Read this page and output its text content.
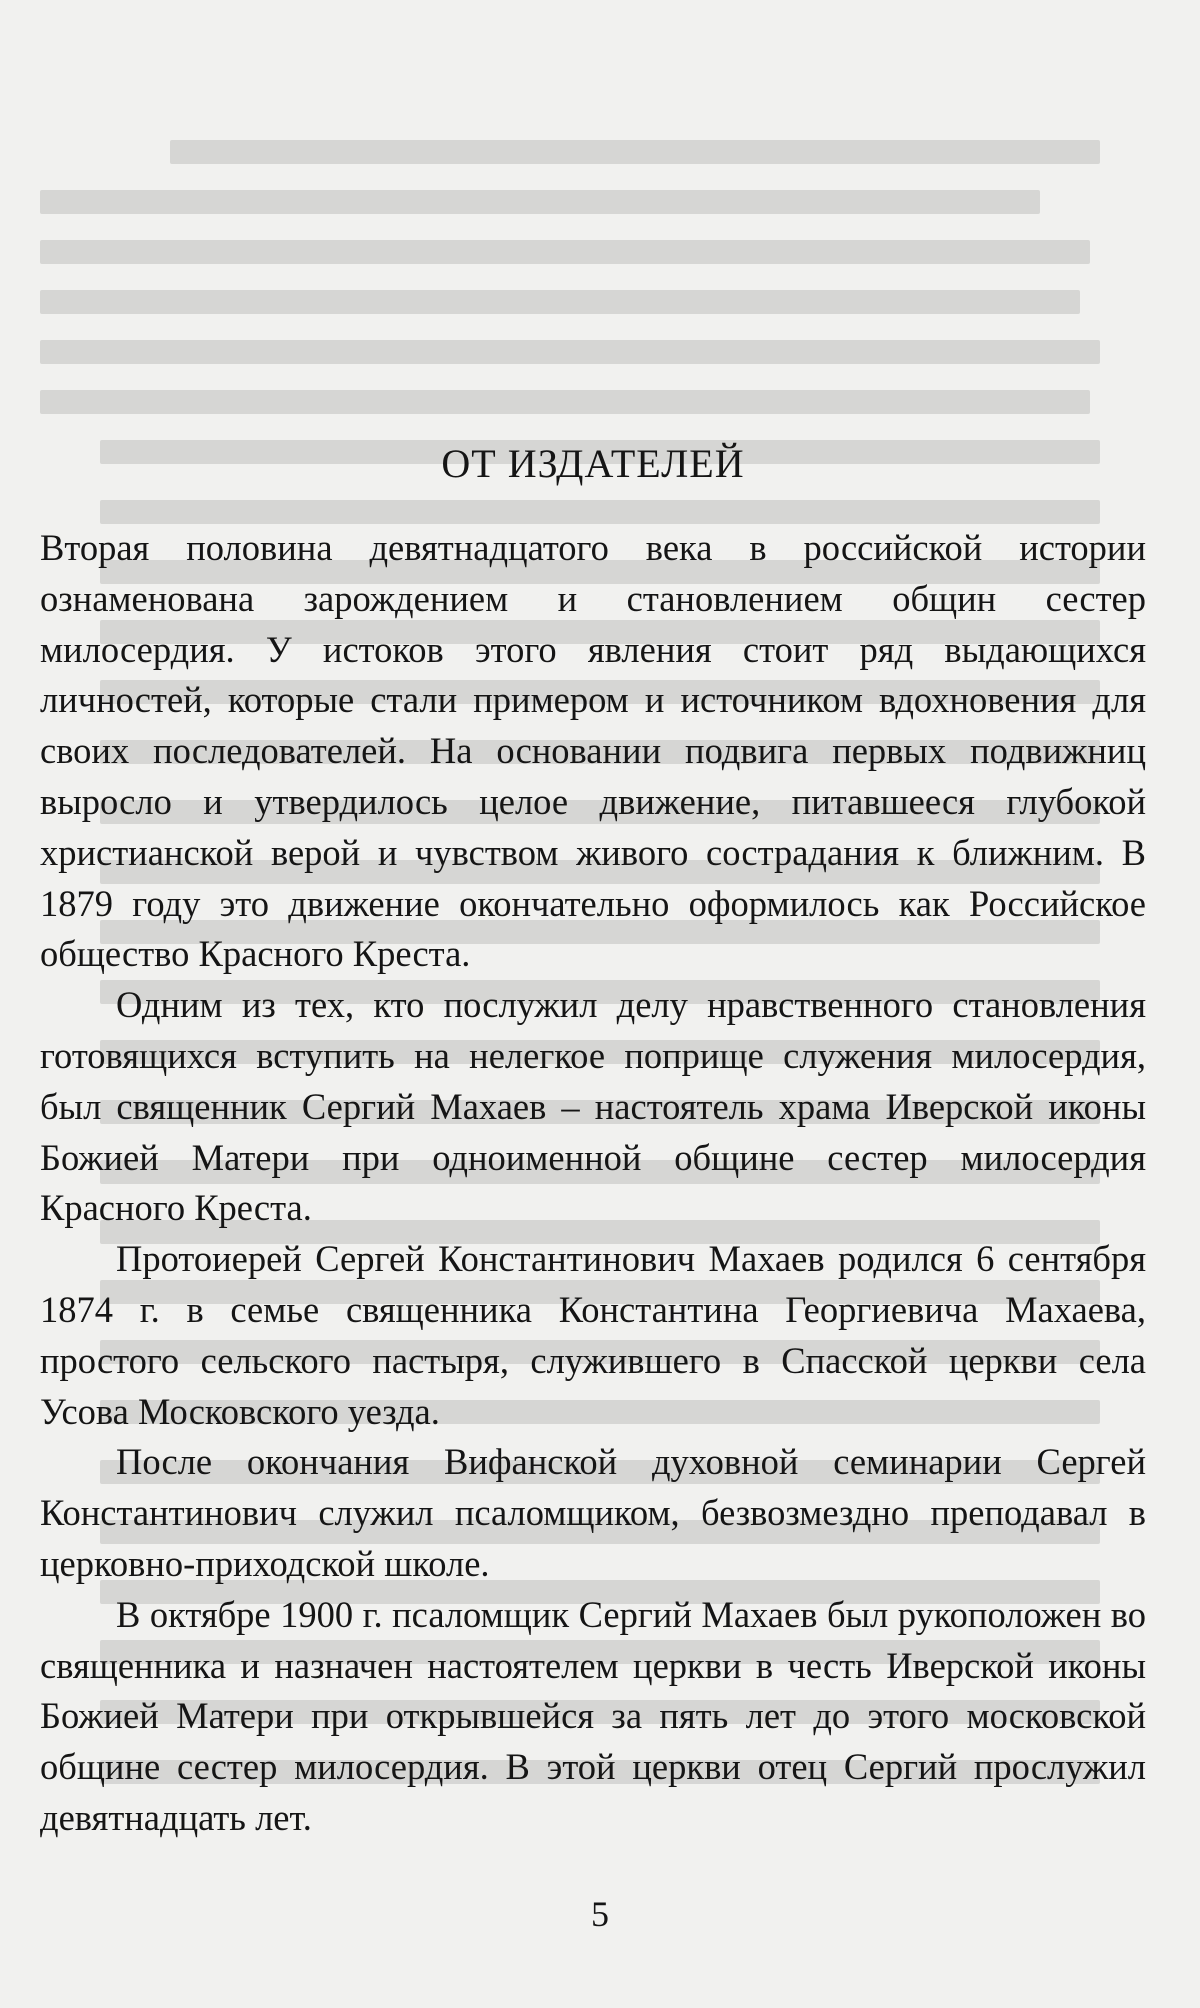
ОТ ИЗДАТЕЛЕЙ

Вторая половина девятнадцатого века в российской истории ознаменована зарождением и становлением общин сестер милосердия. У истоков этого явления стоит ряд выдающихся личностей, которые стали примером и источником вдохновения для своих последователей. На основании подвига первых подвижниц выросло и утвердилось целое движение, питавшееся глубокой христианской верой и чувством живого сострадания к ближним. В 1879 году это движение окончательно оформилось как Российское общество Красного Креста.

Одним из тех, кто послужил делу нравственного становления готовящихся вступить на нелегкое поприще служения милосердия, был священник Сергий Махаев – настоятель храма Иверской иконы Божией Матери при одноименной общине сестер милосердия Красного Креста.

Протоиерей Сергей Константинович Махаев родился 6 сентября 1874 г. в семье священника Константина Георгиевича Махаева, простого сельского пастыря, служившего в Спасской церкви села Усова Московского уезда.

После окончания Вифанской духовной семинарии Сергей Константинович служил псаломщиком, безвозмездно преподавал в церковно-приходской школе.

В октябре 1900 г. псаломщик Сергий Махаев был рукоположен во священника и назначен настоятелем церкви в честь Иверской иконы Божией Матери при открывшейся за пять лет до этого московской общине сестер милосердия. В этой церкви отец Сергий прослужил девятнадцать лет.

5
